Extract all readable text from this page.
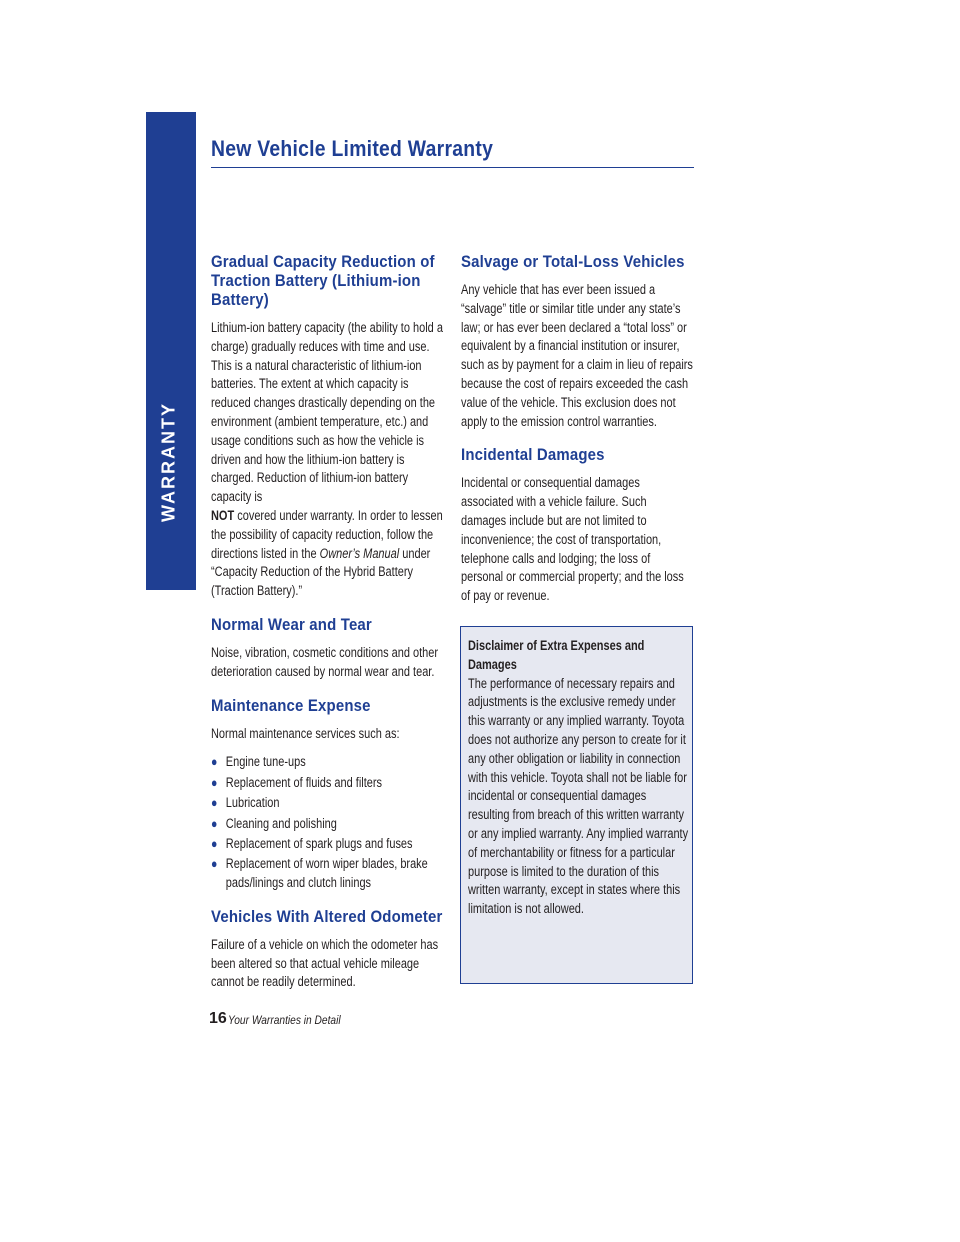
WARRANTY
New Vehicle Limited Warranty
Gradual Capacity Reduction of Traction Battery (Lithium-ion Battery)

Lithium-ion battery capacity (the ability to hold a charge) gradually reduces with time and use. This is a natural characteristic of lithium-ion batteries. The extent at which capacity is reduced changes drastically depending on the environment (ambient temperature, etc.) and usage conditions such as how the vehicle is driven and how the lithium-ion battery is charged. Reduction of lithium-ion battery capacity is
NOT covered under warranty. In order to lessen the possibility of capacity reduction, follow the directions listed in the Owner’s Manual under “Capacity Reduction of the Hybrid Battery (Traction Battery).”

Normal Wear and Tear

Noise, vibration, cosmetic conditions and other deterioration caused by normal wear and tear.

Maintenance Expense

Normal maintenance services such as:

● Engine tune-ups
● Replacement of fluids and filters
● Lubrication
● Cleaning and polishing
● Replacement of spark plugs and fuses
● Replacement of worn wiper blades, brake pads/linings and clutch linings
Vehicles With Altered Odometer

Failure of a vehicle on which the odometer has been altered so that actual vehicle mileage cannot be readily determined.

Salvage or Total-Loss Vehicles

Any vehicle that has ever been issued a “salvage” title or similar title under any state’s law; or has ever been declared a “total loss” or equivalent by a financial institution or insurer, such as by payment for a claim in lieu of repairs because the cost of repairs exceeded the cash value of the vehicle. This exclusion does not apply to the emission control warranties.

Incidental Damages

Incidental or consequential damages associated with a vehicle failure. Such damages include but are not limited to inconvenience; the cost of transportation, telephone calls and lodging; the loss of personal or commercial property; and the loss of pay or revenue.

Disclaimer of Extra Expenses and Damages

The performance of necessary repairs and adjustments is the exclusive remedy under this warranty or any implied warranty. Toyota does not authorize any person to create for it any other obligation or liability in connection with this vehicle. Toyota shall not be liable for incidental or consequential damages resulting from breach of this written warranty or any implied warranty. Any implied warranty of merchantability or fitness for a particular purpose is limited to the duration of this written warranty, except in states where this limitation is not allowed.

16 Your Warranties in Detail
